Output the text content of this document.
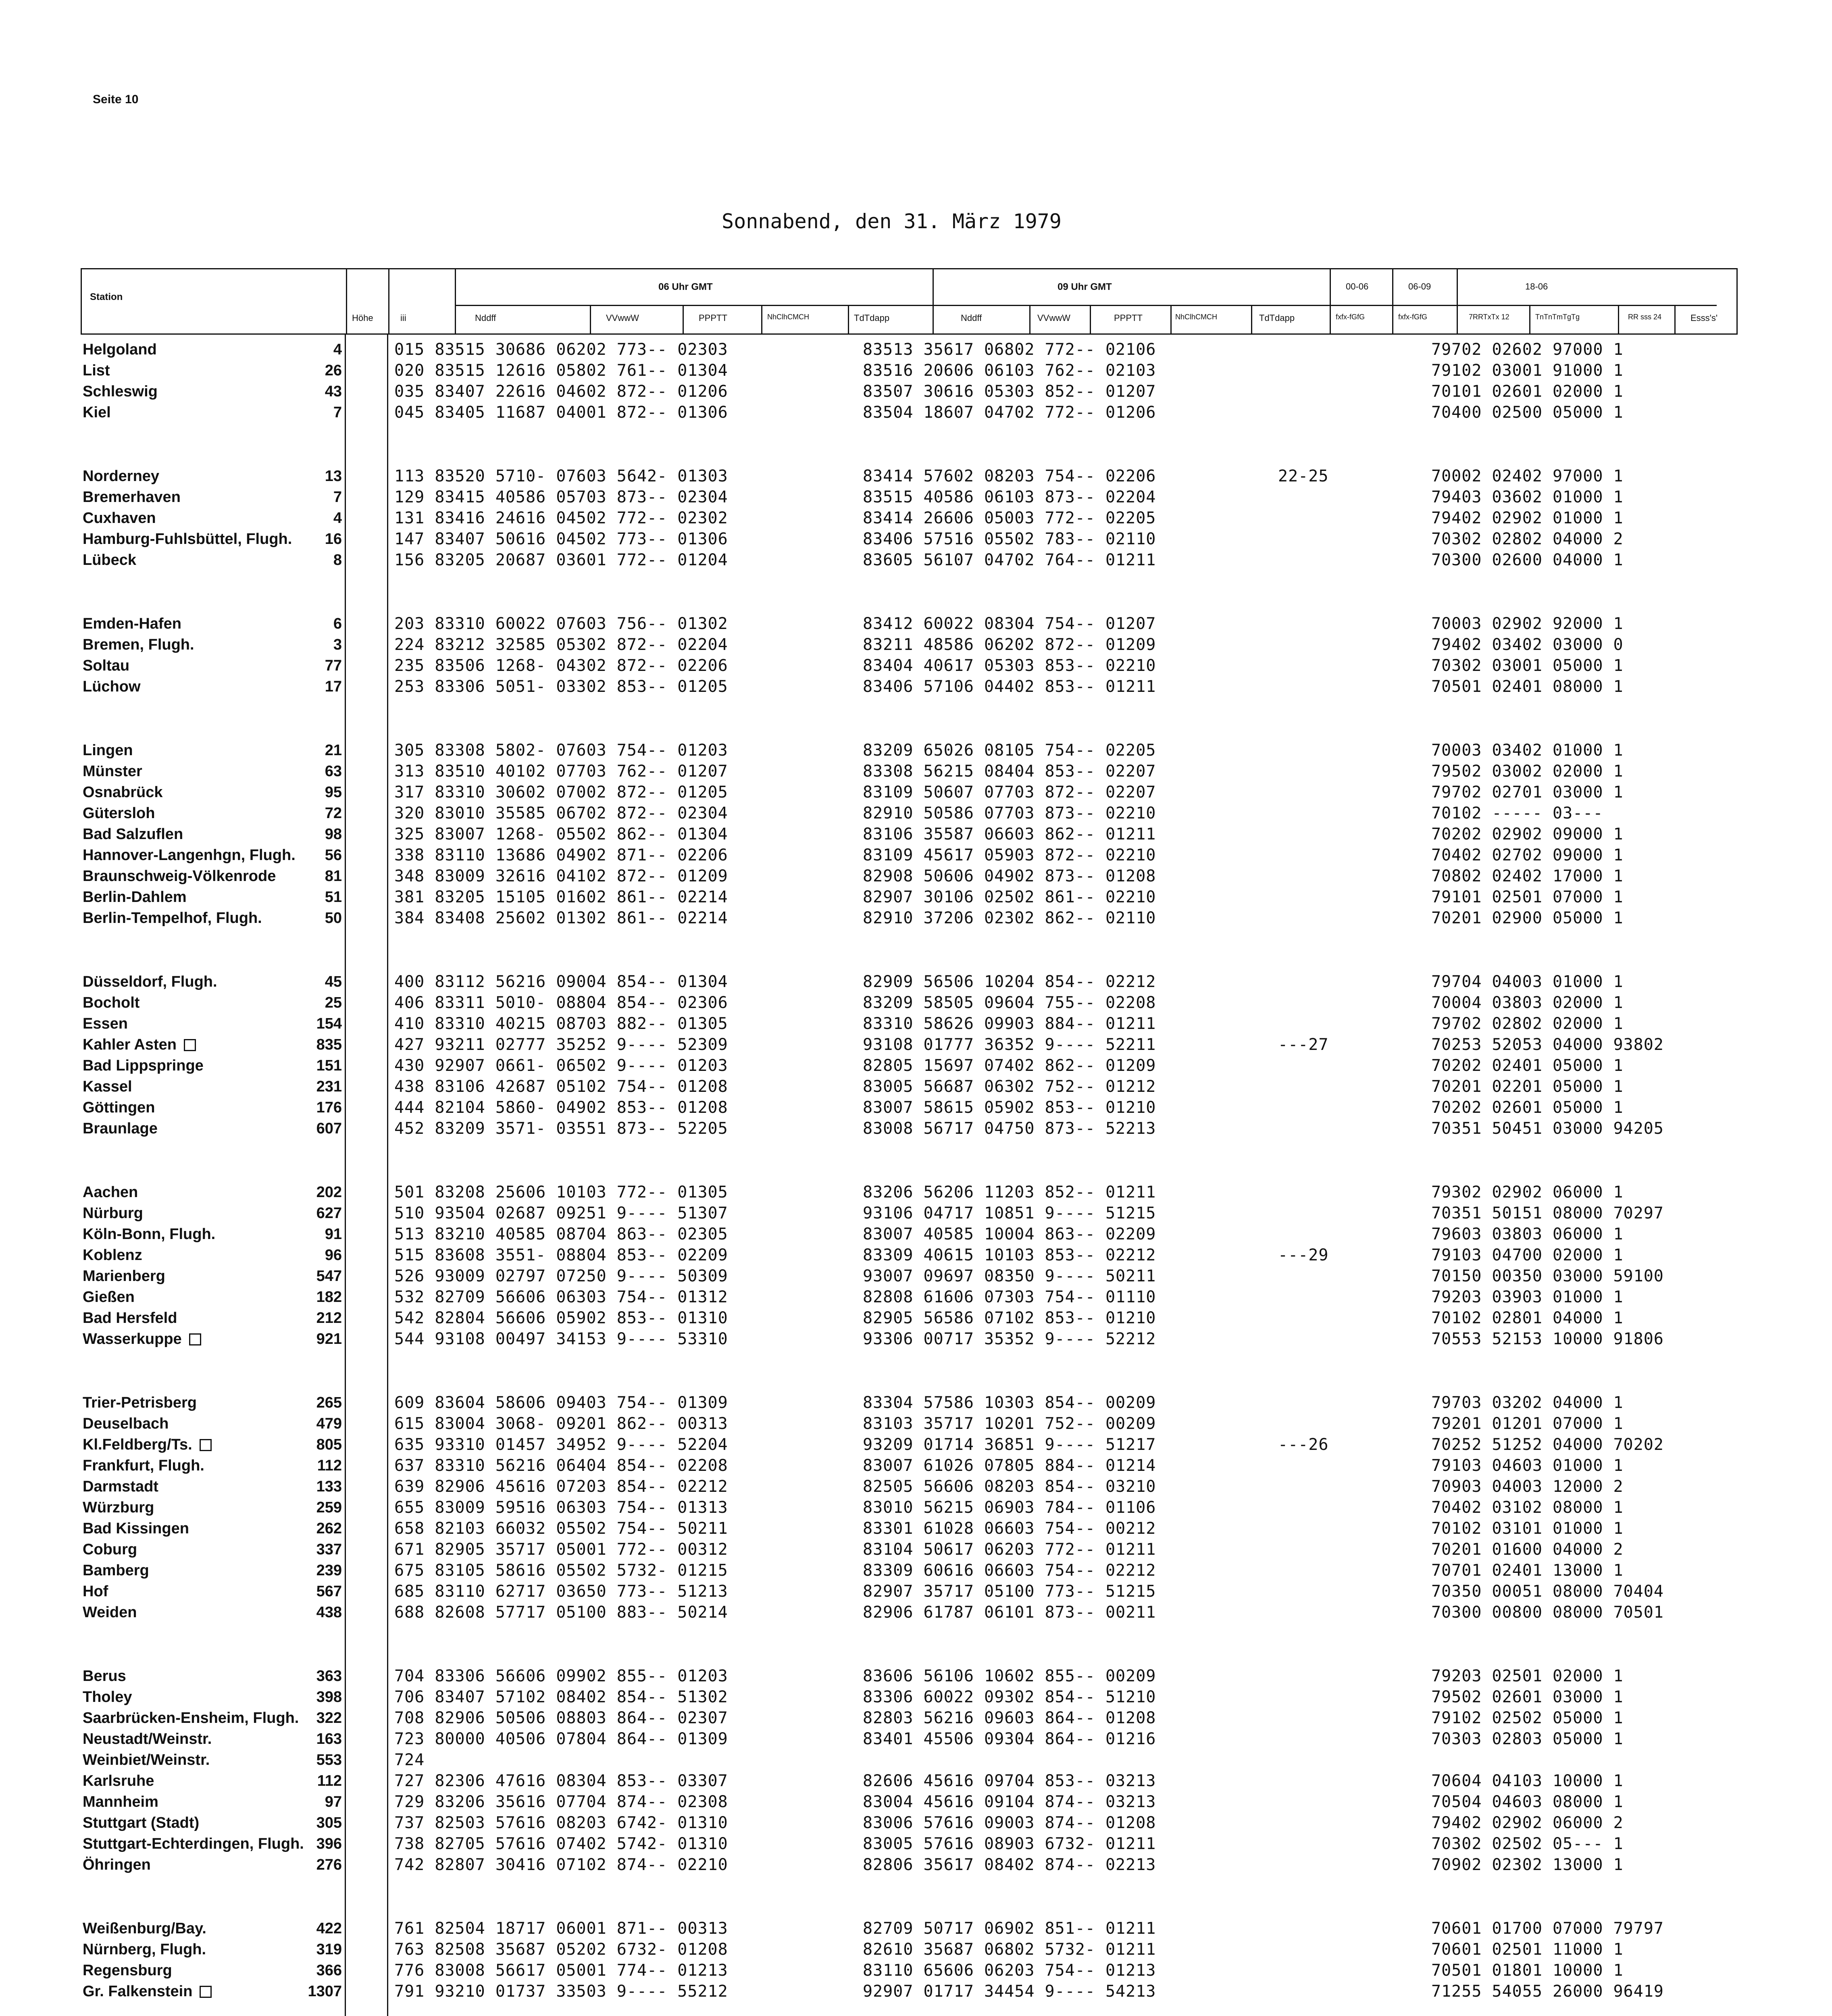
Seite 10
Sonnabend, den 31. März 1979
Station
Höhe	iii
06 Uhr GMT	09 Uhr GMT	00-06	06-09	18-06
Nddff	VVwwW	PPPTT	NhClhCMCH	TdTdapp	Nddff	VVwwW	PPPTT	NhClhCMCH	TdTdapp	fxfx-fGfG	fxfx-fGfG	7RRTxTx 12	TnTnTmTgTg	RR sss 24	Esss's'
Helgoland	4	015 83515 30686 06202 773-- 02303	83513 35617 06802 772-- 02106	79702 02602 97000 1
List	26	020 83515 12616 05802 761-- 01304	83516 20606 06103 762-- 02103	79102 03001 91000 1
Schleswig	43	035 83407 22616 04602 872-- 01206	83507 30616 05303 852-- 01207	70101 02601 02000 1
Kiel	7	045 83405 11687 04001 872-- 01306	83504 18607 04702 772-- 01206	70400 02500 05000 1
Norderney	13	113 83520 5710- 07603 5642- 01303	83414 57602 08203 754-- 02206	22-25	70002 02402 97000 1
Bremerhaven	7	129 83415 40586 05703 873-- 02304	83515 40586 06103 873-- 02204	79403 03602 01000 1
Cuxhaven	4	131 83416 24616 04502 772-- 02302	83414 26606 05003 772-- 02205	79402 02902 01000 1
Hamburg-Fuhlsbüttel, Flugh.	16	147 83407 50616 04502 773-- 01306	83406 57516 05502 783-- 02110	70302 02802 04000 2
Lübeck	8	156 83205 20687 03601 772-- 01204	83605 56107 04702 764-- 01211	70300 02600 04000 1
Emden-Hafen	6	203 83310 60022 07603 756-- 01302	83412 60022 08304 754-- 01207	70003 02902 92000 1
Bremen, Flugh.	3	224 83212 32585 05302 872-- 02204	83211 48586 06202 872-- 01209	79402 03402 03000 0
Soltau	77	235 83506 1268- 04302 872-- 02206	83404 40617 05303 853-- 02210	70302 03001 05000 1
Lüchow	17	253 83306 5051- 03302 853-- 01205	83406 57106 04402 853-- 01211	70501 02401 08000 1
Lingen	21	305 83308 5802- 07603 754-- 01203	83209 65026 08105 754-- 02205	70003 03402 01000 1
Münster	63	313 83510 40102 07703 762-- 01207	83308 56215 08404 853-- 02207	79502 03002 02000 1
Osnabrück	95	317 83310 30602 07002 872-- 01205	83109 50607 07703 872-- 02207	79702 02701 03000 1
Gütersloh	72	320 83010 35585 06702 872-- 02304	82910 50586 07703 873-- 02210	70102 ----- 03---
Bad Salzuflen	98	325 83007 1268- 05502 862-- 01304	83106 35587 06603 862-- 01211	70202 02902 09000 1
Hannover-Langenhgn, Flugh.	56	338 83110 13686 04902 871-- 02206	83109 45617 05903 872-- 02210	70402 02702 09000 1
Braunschweig-Völkenrode	81	348 83009 32616 04102 872-- 01209	82908 50606 04902 873-- 01208	70802 02402 17000 1
Berlin-Dahlem	51	381 83205 15105 01602 861-- 02214	82907 30106 02502 861-- 02210	79101 02501 07000 1
Berlin-Tempelhof, Flugh.	50	384 83408 25602 01302 861-- 02214	82910 37206 02302 862-- 02110	70201 02900 05000 1
Düsseldorf, Flugh.	45	400 83112 56216 09004 854-- 01304	82909 56506 10204 854-- 02212	79704 04003 01000 1
Bocholt	25	406 83311 5010- 08804 854-- 02306	83209 58505 09604 755-- 02208	70004 03803 02000 1
Essen	154	410 83310 40215 08703 882-- 01305	83310 58626 09903 884-- 01211	79702 02802 02000 1
Kahler Asten	835	427 93211 02777 35252 9---- 52309	93108 01777 36352 9---- 52211	---27	70253 52053 04000 93802
Bad Lippspringe	151	430 92907 0661- 06502 9---- 01203	82805 15697 07402 862-- 01209	70202 02401 05000 1
Kassel	231	438 83106 42687 05102 754-- 01208	83005 56687 06302 752-- 01212	70201 02201 05000 1
Göttingen	176	444 82104 5860- 04902 853-- 01208	83007 58615 05902 853-- 01210	70202 02601 05000 1
Braunlage	607	452 83209 3571- 03551 873-- 52205	83008 56717 04750 873-- 52213	70351 50451 03000 94205
Aachen	202	501 83208 25606 10103 772-- 01305	83206 56206 11203 852-- 01211	79302 02902 06000 1
Nürburg	627	510 93504 02687 09251 9---- 51307	93106 04717 10851 9---- 51215	70351 50151 08000 70297
Köln-Bonn, Flugh.	91	513 83210 40585 08704 863-- 02305	83007 40585 10004 863-- 02209	79603 03803 06000 1
Koblenz	96	515 83608 3551- 08804 853-- 02209	83309 40615 10103 853-- 02212	---29	79103 04700 02000 1
Marienberg	547	526 93009 02797 07250 9---- 50309	93007 09697 08350 9---- 50211	70150 00350 03000 59100
Gießen	182	532 82709 56606 06303 754-- 01312	82808 61606 07303 754-- 01110	79203 03903 01000 1
Bad Hersfeld	212	542 82804 56606 05902 853-- 01310	82905 56586 07102 853-- 01210	70102 02801 04000 1
Wasserkuppe	921	544 93108 00497 34153 9---- 53310	93306 00717 35352 9---- 52212	70553 52153 10000 91806
Trier-Petrisberg	265	609 83604 58606 09403 754-- 01309	83304 57586 10303 854-- 00209	79703 03202 04000 1
Deuselbach	479	615 83004 3068- 09201 862-- 00313	83103 35717 10201 752-- 00209	79201 01201 07000 1
Kl.Feldberg/Ts.	805	635 93310 01457 34952 9---- 52204	93209 01714 36851 9---- 51217	---26	70252 51252 04000 70202
Frankfurt, Flugh.	112	637 83310 56216 06404 854-- 02208	83007 61026 07805 884-- 01214	79103 04603 01000 1
Darmstadt	133	639 82906 45616 07203 854-- 02212	82505 56606 08203 854-- 03210	70903 04003 12000 2
Würzburg	259	655 83009 59516 06303 754-- 01313	83010 56215 06903 784-- 01106	70402 03102 08000 1
Bad Kissingen	262	658 82103 66032 05502 754-- 50211	83301 61028 06603 754-- 00212	70102 03101 01000 1
Coburg	337	671 82905 35717 05001 772-- 00312	83104 50617 06203 772-- 01211	70201 01600 04000 2
Bamberg	239	675 83105 58616 05502 5732- 01215	83309 60616 06603 754-- 02212	70701 02401 13000 1
Hof	567	685 83110 62717 03650 773-- 51213	82907 35717 05100 773-- 51215	70350 00051 08000 70404
Weiden	438	688 82608 57717 05100 883-- 50214	82906 61787 06101 873-- 00211	70300 00800 08000 70501
Berus	363	704 83306 56606 09902 855-- 01203	83606 56106 10602 855-- 00209	79203 02501 02000 1
Tholey	398	706 83407 57102 08402 854-- 51302	83306 60022 09302 854-- 51210	79502 02601 03000 1
Saarbrücken-Ensheim, Flugh.	322	708 82906 50506 08803 864-- 02307	82803 56216 09603 864-- 01208	79102 02502 05000 1
Neustadt/Weinstr.	163	723 80000 40506 07804 864-- 01309	83401 45506 09304 864-- 01216	70303 02803 05000 1
Weinbiet/Weinstr.	553	724
Karlsruhe	112	727 82306 47616 08304 853-- 03307	82606 45616 09704 853-- 03213	70604 04103 10000 1
Mannheim	97	729 83206 35616 07704 874-- 02308	83004 45616 09104 874-- 03213	70504 04603 08000 1
Stuttgart (Stadt)	305	737 82503 57616 08203 6742- 01310	83006 57616 09003 874-- 01208	79402 02902 06000 2
Stuttgart-Echterdingen, Flugh. 396	738 82705 57616 07402 5742- 01310	83005 57616 08903 6732- 01211	70302 02502 05--- 1
Öhringen	276	742 82807 30416 07102 874-- 02210	82806 35617 08402 874-- 02213	70902 02302 13000 1
Weißenburg/Bay.	422	761 82504 18717 06001 871-- 00313	82709 50717 06902 851-- 01211	70601 01700 07000 79797
Nürnberg, Flugh.	319	763 82508 35687 05202 6732- 01208	82610 35687 06802 5732- 01211	70601 02501 11000 1
Regensburg	366	776 83008 56617 05001 774-- 01213	83110 65606 06203 754-- 01213	70501 01801 10000 1
Gr. Falkenstein	1307	791 93210 01737 33503 9---- 55212	92907 01717 34454 9---- 54213	71255 54055 26000 96419
